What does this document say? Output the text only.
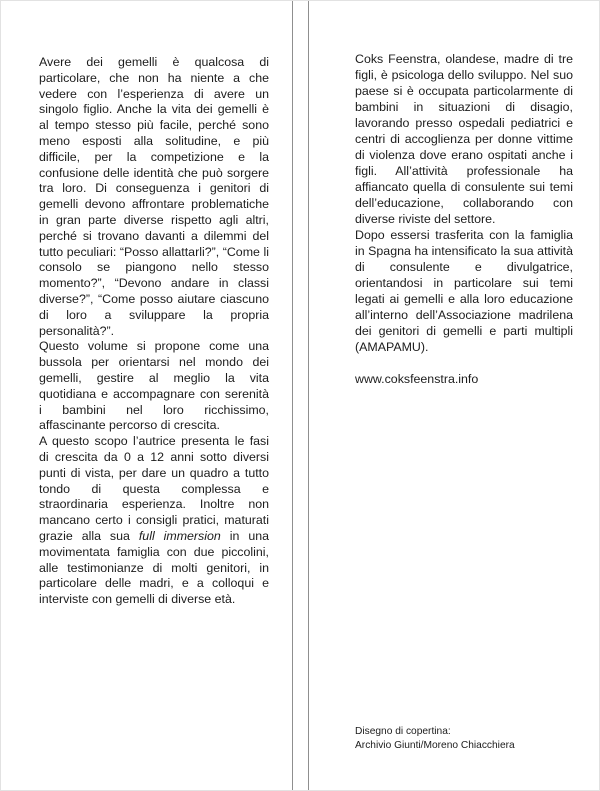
Avere dei gemelli è qualcosa di particolare, che non ha niente a che vedere con l’esperienza di avere un singolo figlio. Anche la vita dei gemelli è al tempo stesso più facile, perché sono meno esposti alla solitudine, e più difficile, per la competizione e la confusione delle identità che può sorgere tra loro. Di conseguenza i genitori di gemelli devono affrontare problematiche in gran parte diverse rispetto agli altri, perché si trovano davanti a dilemmi del tutto peculiari: “Posso allattarli?”, “Come li consolo se piangono nello stesso momento?”, “Devono andare in classi diverse?”, “Come posso aiutare ciascuno di loro a sviluppare la propria personalità?”.

Questo volume si propone come una bussola per orientarsi nel mondo dei gemelli, gestire al meglio la vita quotidiana e accompagnare con serenità i bambini nel loro ricchissimo, affascinante percorso di crescita.

A questo scopo l’autrice presenta le fasi di crescita da 0 a 12 anni sotto diversi punti di vista, per dare un quadro a tutto tondo di questa complessa e straordinaria esperienza. Inoltre non mancano certo i consigli pratici, maturati grazie alla sua full immersion in una movimentata famiglia con due piccolini, alle testimonianze di molti genitori, in particolare delle madri, e a colloqui e interviste con gemelli di diverse età.

Coks Feenstra, olandese, madre di tre figli, è psicologa dello sviluppo. Nel suo paese si è occupata particolarmente di bambini in situazioni di disagio, lavorando presso ospedali pediatrici e centri di accoglienza per donne vittime di violenza dove erano ospitati anche i figli. All’attività professionale ha affiancato quella di consulente sui temi dell’educazione, collaborando con diverse riviste del settore.

Dopo essersi trasferita con la famiglia in Spagna ha intensificato la sua attività di consulente e divulgatrice, orientandosi in particolare sui temi legati ai gemelli e alla loro educazione all’interno dell’Associazione madrilena dei genitori di gemelli e parti multipli (AMAPAMU).

www.coksfeenstra.info

Disegno di copertina:

Archivio Giunti/Moreno Chiacchiera
